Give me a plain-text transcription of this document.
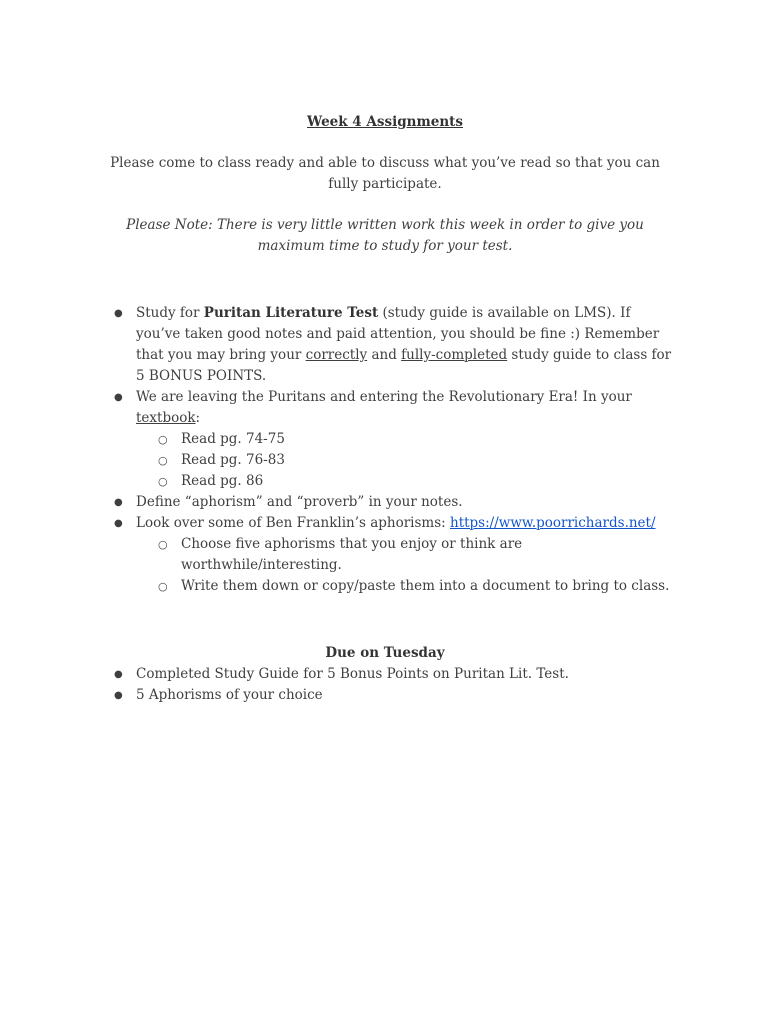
Week 4 Assignments

Please come to class ready and able to discuss what you’ve read so that you can fully participate.

Please Note: There is very little written work this week in order to give you maximum time to study for your test.

● Study for Puritan Literature Test (study guide is available on LMS). If you’ve taken good notes and paid attention, you should be fine :) Remember that you may bring your correctly and fully-completed study guide to class for 5 BONUS POINTS.
● We are leaving the Puritans and entering the Revolutionary Era! In your textbook:
○ Read pg. 74-75
○ Read pg. 76-83
○ Read pg. 86
● Define “aphorism” and “proverb” in your notes.
● Look over some of Ben Franklin’s aphorisms: https://www.poorrichards.net/
○ Choose five aphorisms that you enjoy or think are worthwhile/interesting.
○ Write them down or copy/paste them into a document to bring to class.

Due on Tuesday

● Completed Study Guide for 5 Bonus Points on Puritan Lit. Test.
● 5 Aphorisms of your choice
